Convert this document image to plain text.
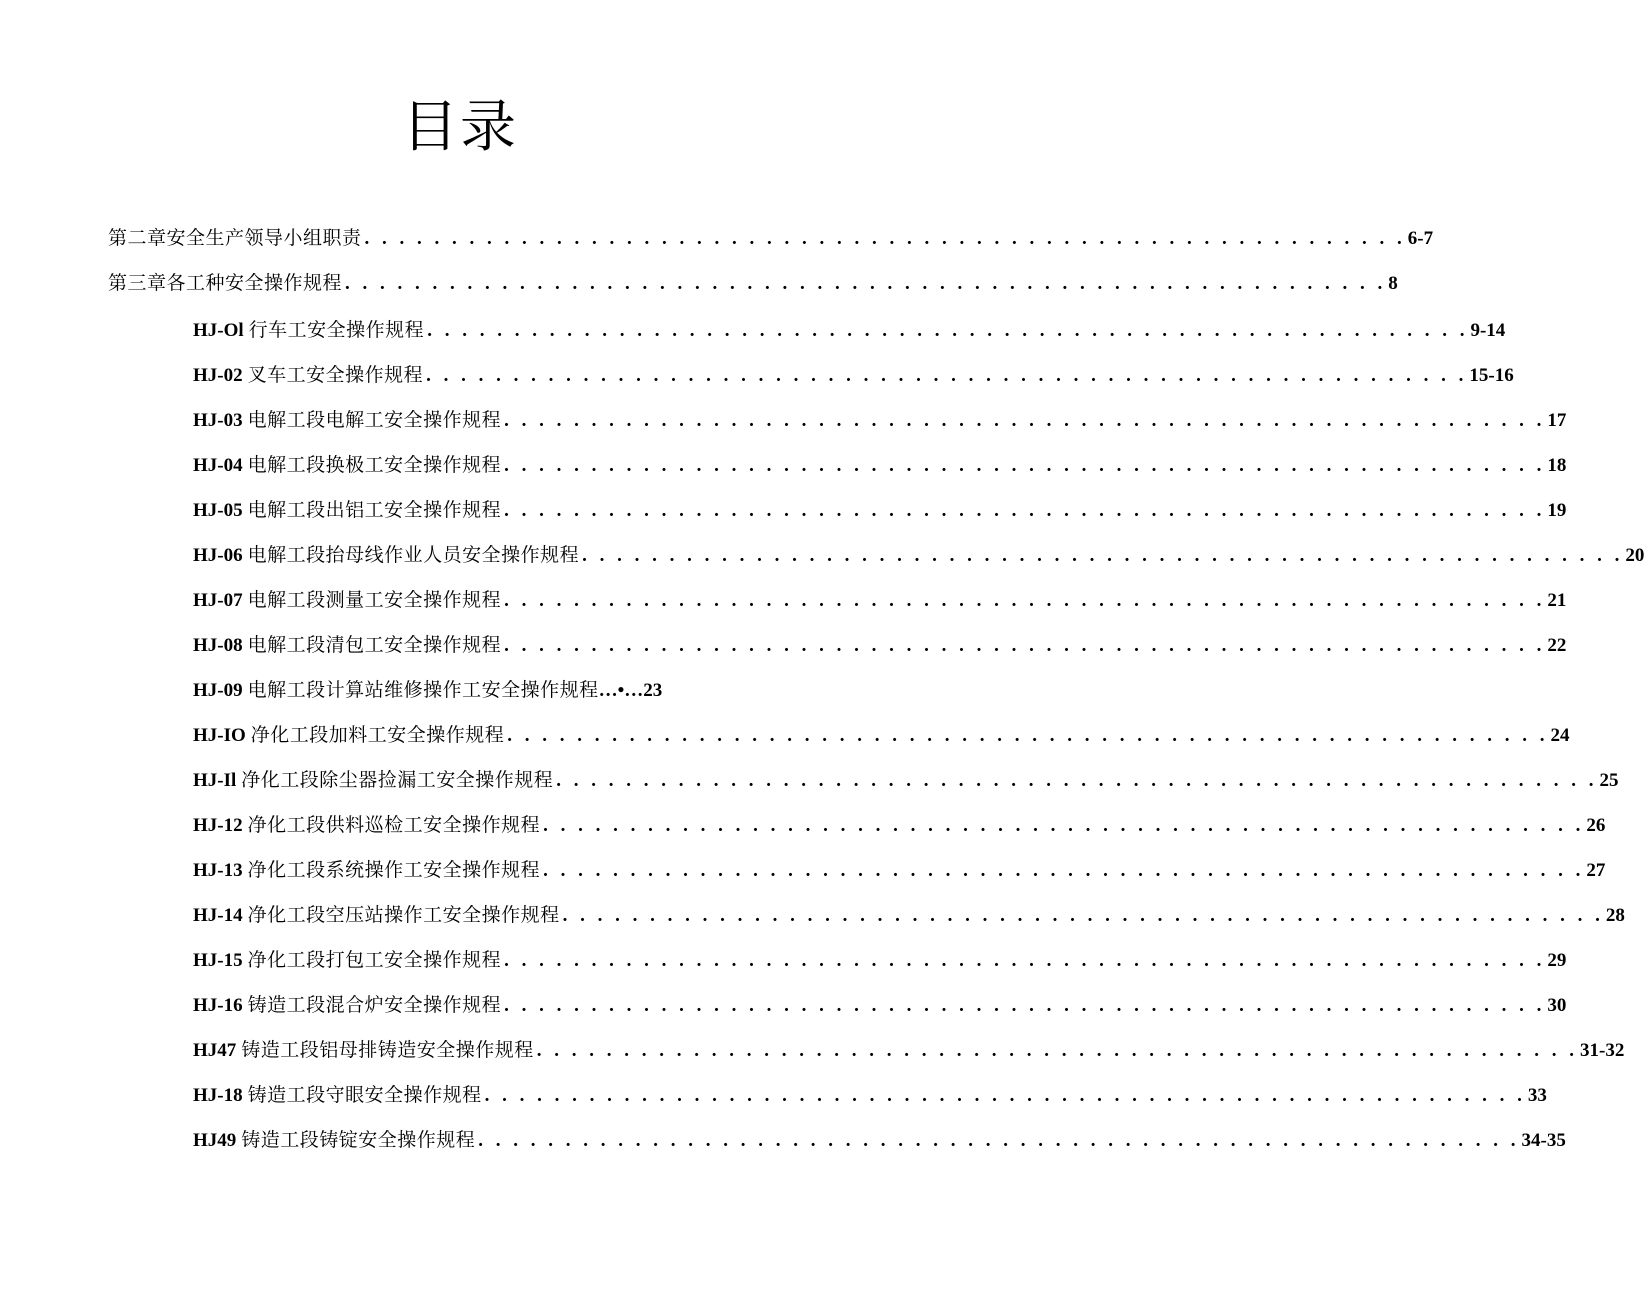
目录
第二章安全生产领导小组职责 . . . . . . . . . . . . . . . . . . . . . . . . . . . . . . . . . . . . . . . . . . . . . . . . . . . . . . . . . . . . 6-7
第三章各工种安全操作规程 . . . . . . . . . . . . . . . . . . . . . . . . . . . . . . . . . . . . . . . . . . . . . . . . . . . . . . . . . . . . 8
HJ-Ol 行车工安全操作规程 . . . . . . . . . . . . . . . . . . . . . . . . . . . . . . . . . . . . . . . . . . . . . . . . . . . . . . . . . . . . 9-14
HJ-02 叉车工安全操作规程 . . . . . . . . . . . . . . . . . . . . . . . . . . . . . . . . . . . . . . . . . . . . . . . . . . . . . . . . . . . . 15-16
HJ-03 电解工段电解工安全操作规程 . . . . . . . . . . . . . . . . . . . . . . . . . . . . . . . . . . . . . . . . . . . . . . . . . . . . . . . . . . . . 17
HJ-04 电解工段换极工安全操作规程 . . . . . . . . . . . . . . . . . . . . . . . . . . . . . . . . . . . . . . . . . . . . . . . . . . . . . . . . . . . . 18
HJ-05 电解工段出铝工安全操作规程 . . . . . . . . . . . . . . . . . . . . . . . . . . . . . . . . . . . . . . . . . . . . . . . . . . . . . . . . . . . . 19
HJ-06 电解工段抬母线作业人员安全操作规程 . . . . . . . . . . . . . . . . . . . . . . . . . . . . . . . . . . . . . . . . . . . . . . . . . . . . . . . . . . . . 20
HJ-07 电解工段测量工安全操作规程 . . . . . . . . . . . . . . . . . . . . . . . . . . . . . . . . . . . . . . . . . . . . . . . . . . . . . . . . . . . . 21
HJ-08 电解工段清包工安全操作规程 . . . . . . . . . . . . . . . . . . . . . . . . . . . . . . . . . . . . . . . . . . . . . . . . . . . . . . . . . . . . 22
HJ-09 电解工段计算站维修操作工安全操作规程 …•… 23
HJ-IO 净化工段加料工安全操作规程 . . . . . . . . . . . . . . . . . . . . . . . . . . . . . . . . . . . . . . . . . . . . . . . . . . . . . . . . . . . . 24
HJ-Il 净化工段除尘器捡漏工安全操作规程 . . . . . . . . . . . . . . . . . . . . . . . . . . . . . . . . . . . . . . . . . . . . . . . . . . . . . . . . . . . . 25
HJ-12 净化工段供料巡检工安全操作规程 . . . . . . . . . . . . . . . . . . . . . . . . . . . . . . . . . . . . . . . . . . . . . . . . . . . . . . . . . . . . 26
HJ-13 净化工段系统操作工安全操作规程 . . . . . . . . . . . . . . . . . . . . . . . . . . . . . . . . . . . . . . . . . . . . . . . . . . . . . . . . . . . . 27
HJ-14 净化工段空压站操作工安全操作规程 . . . . . . . . . . . . . . . . . . . . . . . . . . . . . . . . . . . . . . . . . . . . . . . . . . . . . . . . . . . . 28
HJ-15 净化工段打包工安全操作规程 . . . . . . . . . . . . . . . . . . . . . . . . . . . . . . . . . . . . . . . . . . . . . . . . . . . . . . . . . . . . 29
HJ-16 铸造工段混合炉安全操作规程 . . . . . . . . . . . . . . . . . . . . . . . . . . . . . . . . . . . . . . . . . . . . . . . . . . . . . . . . . . . . 30
HJ47 铸造工段铝母排铸造安全操作规程 . . . . . . . . . . . . . . . . . . . . . . . . . . . . . . . . . . . . . . . . . . . . . . . . . . . . . . . . . . . . 31-32
HJ-18 铸造工段守眼安全操作规程 . . . . . . . . . . . . . . . . . . . . . . . . . . . . . . . . . . . . . . . . . . . . . . . . . . . . . . . . . . . . 33
HJ49 铸造工段铸锭安全操作规程 . . . . . . . . . . . . . . . . . . . . . . . . . . . . . . . . . . . . . . . . . . . . . . . . . . . . . . . . . . . . 34-35
